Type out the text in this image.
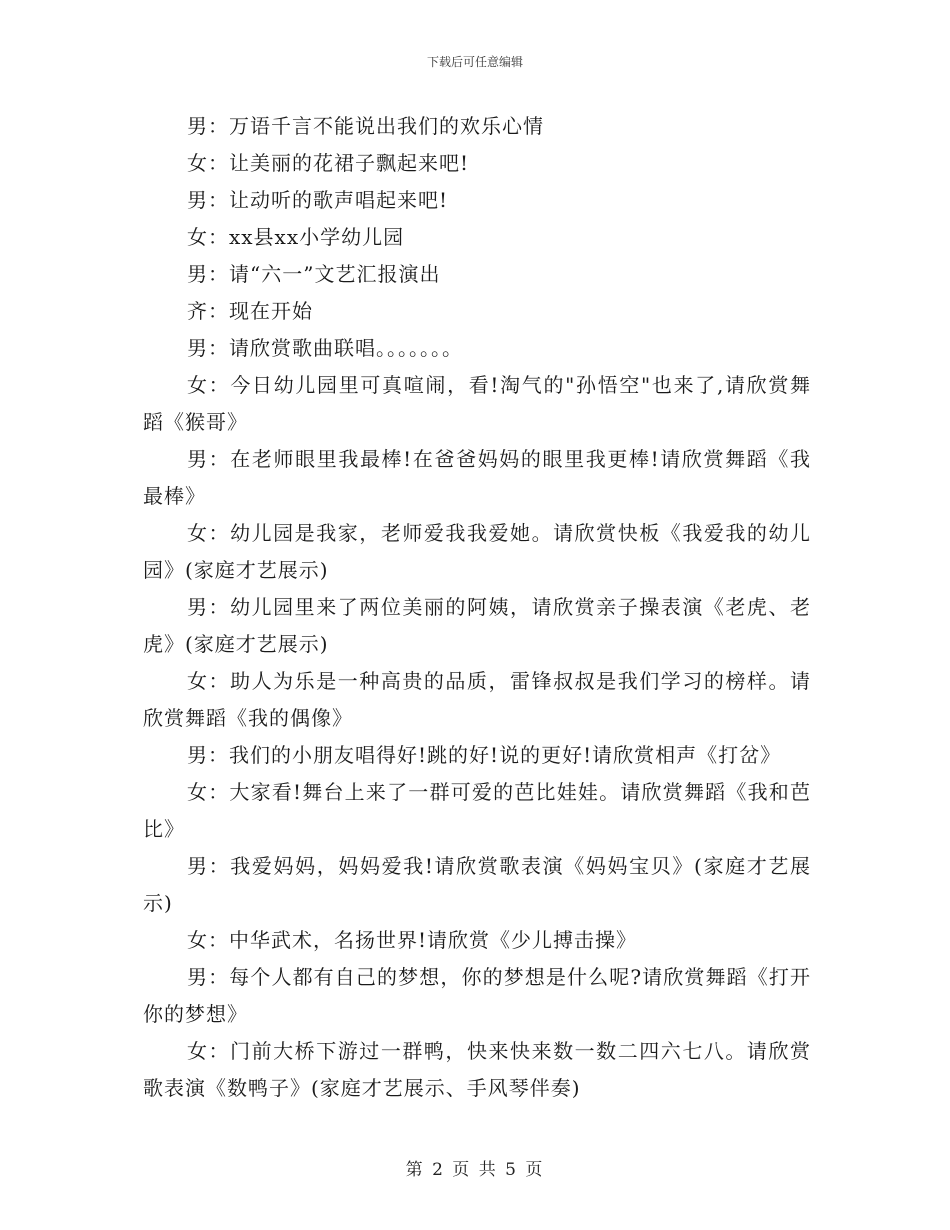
下载后可任意编辑

男：万语千言不能说出我们的欢乐心情

女：让美丽的花裙子飘起来吧!

男：让动听的歌声唱起来吧!

女：xx县xx小学幼儿园

男：请“六一”文艺汇报演出

齐：现在开始

男：请欣赏歌曲联唱。。。。。。。

女：今日幼儿园里可真喧闹，看!淘气的"孙悟空"也来了,请欣赏舞蹈《猴哥》

男：在老师眼里我最棒!在爸爸妈妈的眼里我更棒!请欣赏舞蹈《我最棒》

女：幼儿园是我家，老师爱我我爱她。请欣赏快板《我爱我的幼儿园》(家庭才艺展示)

男：幼儿园里来了两位美丽的阿姨，请欣赏亲子操表演《老虎、老虎》(家庭才艺展示)

女：助人为乐是一种高贵的品质，雷锋叔叔是我们学习的榜样。请欣赏舞蹈《我的偶像》

男：我们的小朋友唱得好!跳的好!说的更好!请欣赏相声《打岔》

女：大家看!舞台上来了一群可爱的芭比娃娃。请欣赏舞蹈《我和芭比》

男：我爱妈妈，妈妈爱我!请欣赏歌表演《妈妈宝贝》(家庭才艺展示)

女：中华武术，名扬世界!请欣赏《少儿搏击操》

男：每个人都有自己的梦想，你的梦想是什么呢?请欣赏舞蹈《打开你的梦想》

女：门前大桥下游过一群鸭，快来快来数一数二四六七八。请欣赏歌表演《数鸭子》(家庭才艺展示、手风琴伴奏)

第 2 页 共 5 页
